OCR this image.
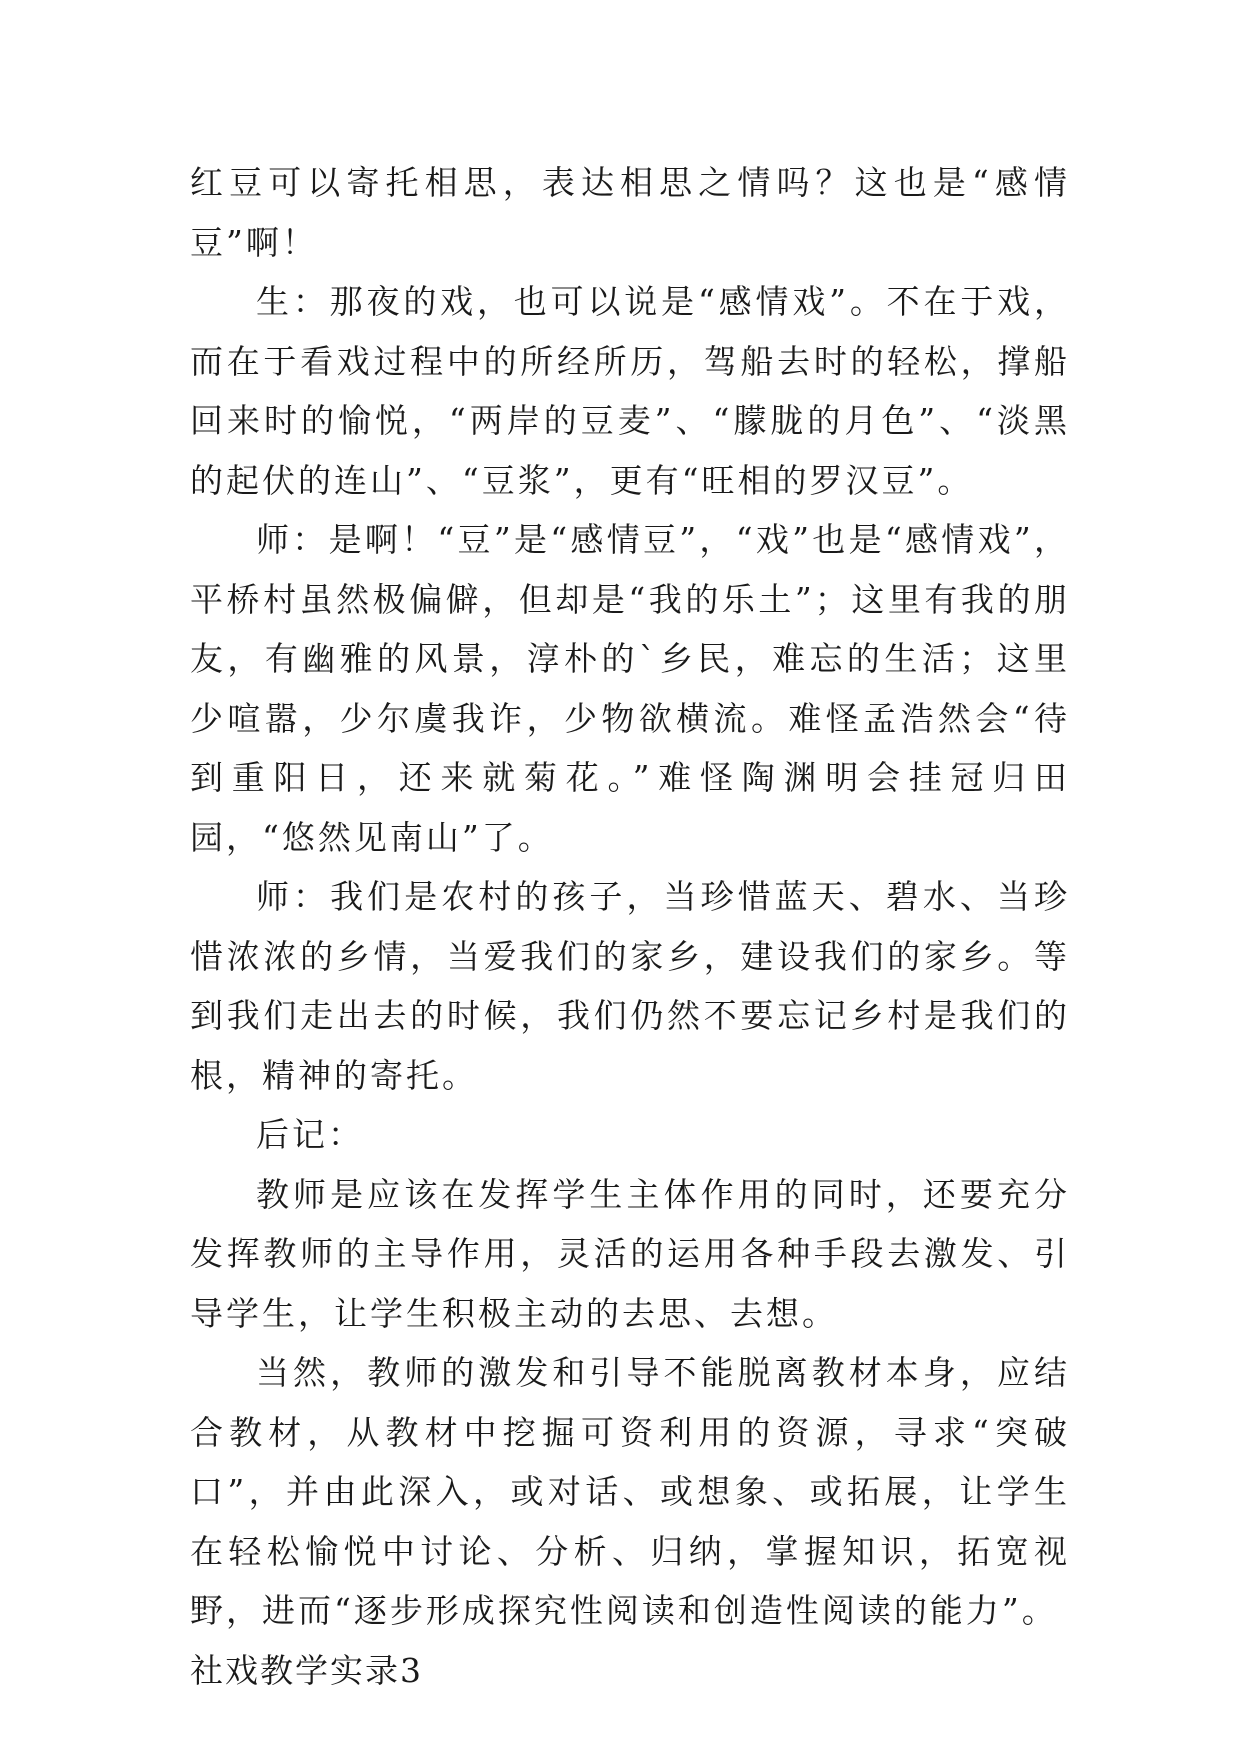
红豆可以寄托相思，表达相思之情吗？这也是“感情豆”啊！

生：那夜的戏，也可以说是“感情戏”。不在于戏，而在于看戏过程中的所经所历，驾船去时的轻松，撑船回来时的愉悦，“两岸的豆麦”、“朦胧的月色”、“淡黑的起伏的连山”、“豆浆”，更有“旺相的罗汉豆”。

师：是啊！“豆”是“感情豆”，“戏”也是“感情戏”，平桥村虽然极偏僻，但却是“我的乐土”；这里有我的朋友，有幽雅的风景，淳朴的`乡民，难忘的生活；这里少喧嚣，少尔虞我诈，少物欲横流。难怪孟浩然会“待到重阳日，还来就菊花。”难怪陶渊明会挂冠归田园，“悠然见南山”了。

师：我们是农村的孩子，当珍惜蓝天、碧水、当珍惜浓浓的乡情，当爱我们的家乡，建设我们的家乡。等到我们走出去的时候，我们仍然不要忘记乡村是我们的根，精神的寄托。

后记：

教师是应该在发挥学生主体作用的同时，还要充分发挥教师的主导作用，灵活的运用各种手段去激发、引导学生，让学生积极主动的去思、去想。

当然，教师的激发和引导不能脱离教材本身，应结合教材，从教材中挖掘可资利用的资源，寻求“突破口”，并由此深入，或对话、或想象、或拓展，让学生在轻松愉悦中讨论、分析、归纳，掌握知识，拓宽视野，进而“逐步形成探究性阅读和创造性阅读的能力”。

社戏教学实录3
